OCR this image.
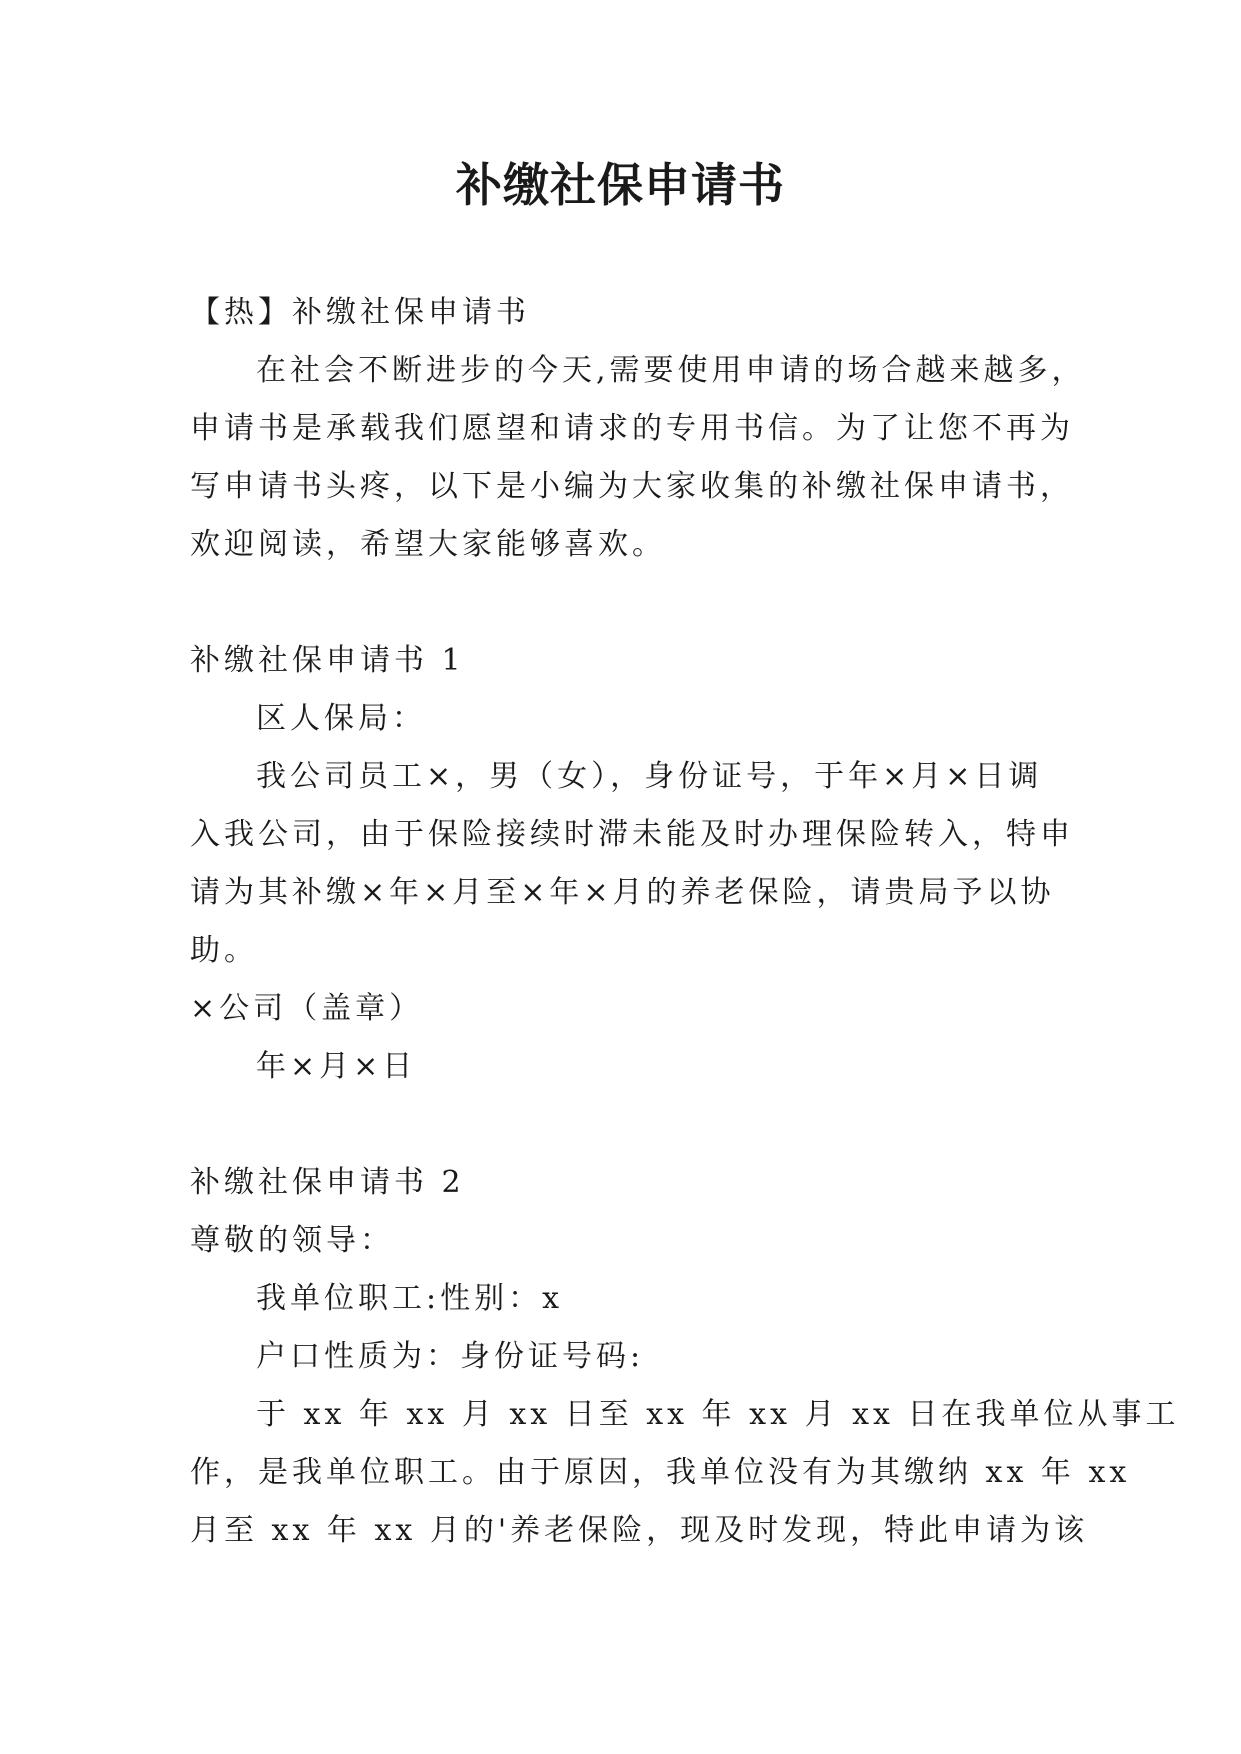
补缴社保申请书
【热】补缴社保申请书
在社会不断进步的今天,需要使用申请的场合越来越多，
申请书是承载我们愿望和请求的专用书信。为了让您不再为
写申请书头疼，以下是小编为大家收集的补缴社保申请书，
欢迎阅读，希望大家能够喜欢。
补缴社保申请书 1
区人保局：
我公司员工×，男（女），身份证号，于年×月×日调
入我公司，由于保险接续时滞未能及时办理保险转入，特申
请为其补缴×年×月至×年×月的养老保险，请贵局予以协
助。
×公司（盖章）
年×月×日
补缴社保申请书 2
尊敬的领导：
我单位职工:性别：x
户口性质为：身份证号码:
于 xx 年 xx 月 xx 日至 xx 年 xx 月 xx 日在我单位从事工
作，是我单位职工。由于原因，我单位没有为其缴纳 xx 年 xx
月至 xx 年 xx 月的'养老保险，现及时发现，特此申请为该
